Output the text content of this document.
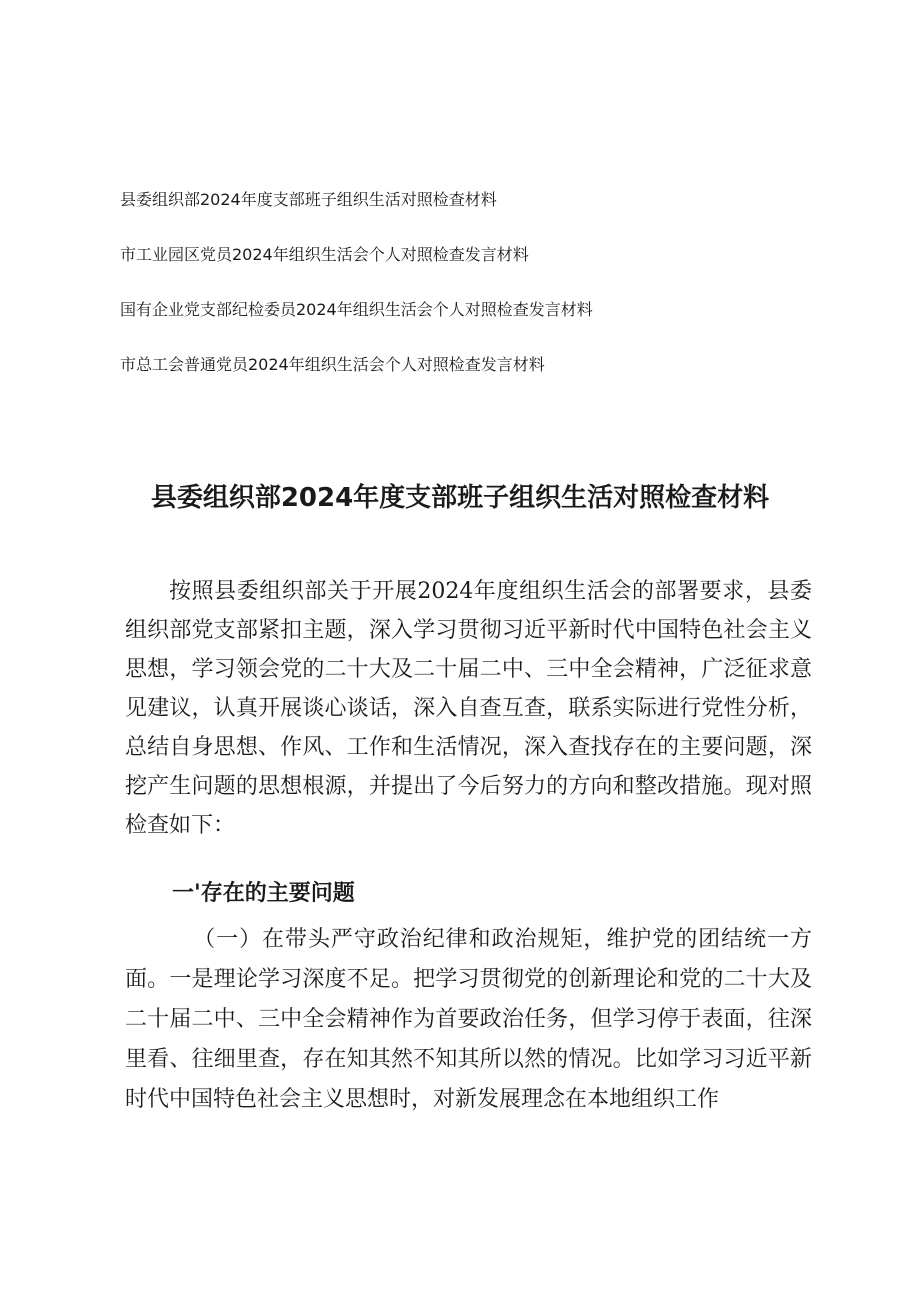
县委组织部2024年度支部班子组织生活对照检查材料

市工业园区党员2024年组织生活会个人对照检查发言材料

国有企业党支部纪检委员2024年组织生活会个人对照检查发言材料

市总工会普通党员2024年组织生活会个人对照检查发言材料

县委组织部2024年度支部班子组织生活对照检查材料

按照县委组织部关于开展2024年度组织生活会的部署要求，县委组织部党支部紧扣主题，深入学习贯彻习近平新时代中国特色社会主义思想，学习领会党的二十大及二十届二中、三中全会精神，广泛征求意见建议，认真开展谈心谈话，深入自查互查，联系实际进行党性分析，总结自身思想、作风、工作和生活情况，深入查找存在的主要问题，深挖产生问题的思想根源，并提出了今后努力的方向和整改措施。现对照检查如下：

一'存在的主要问题

（一）在带头严守政治纪律和政治规矩，维护党的团结统一方面。一是理论学习深度不足。把学习贯彻党的创新理论和党的二十大及二十届二中、三中全会精神作为首要政治任务，但学习停于表面，往深里看、往细里查，存在知其然不知其所以然的情况。比如学习习近平新时代中国特色社会主义思想时，对新发展理念在本地组织工作
